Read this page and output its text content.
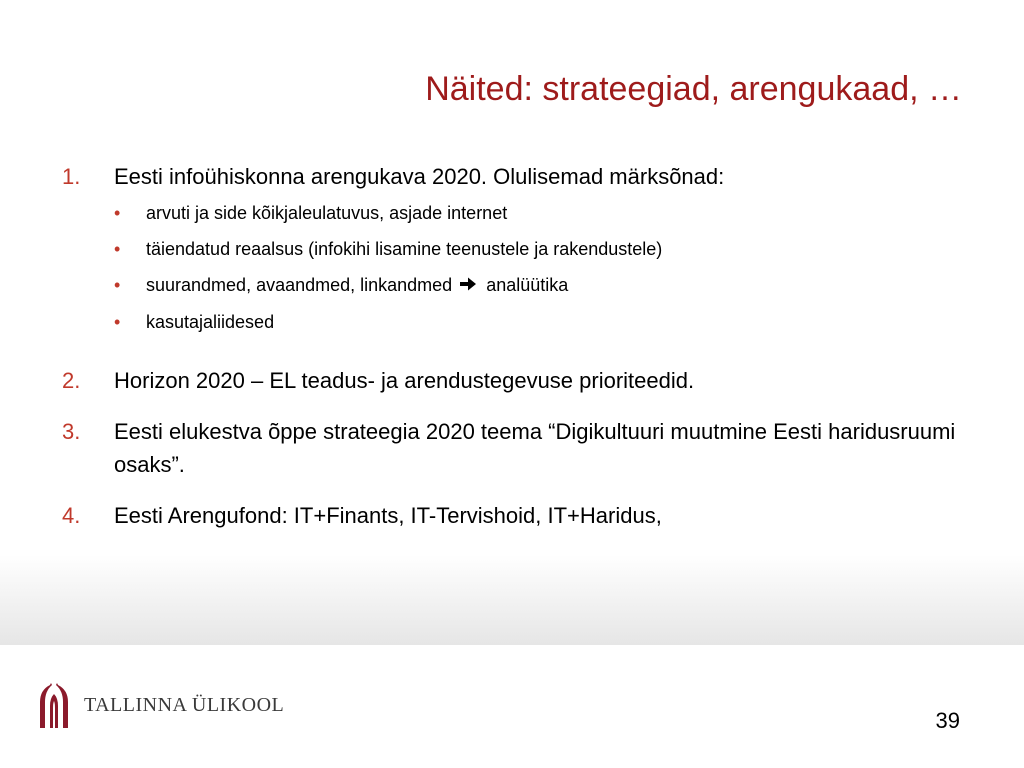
Näited: strateegiad, arengukaad, …
1. Eesti infoühiskonna arengukava 2020. Olulisemad märksõnad:
• arvuti ja side kõikjaleulatuvus, asjade internet
• täiendatud reaalsus (infokihi lisamine teenustele ja rakendustele)
• suurandmed, avaandmed, linkandmed analüütika
• kasutajaliidesed
2. Horizon 2020 – EL teadus- ja arendustegevuse prioriteedid.
3. Eesti elukestva õppe strateegia 2020 teema “Digikultuuri muutmine Eesti haridusruumi osaks”.
4. Eesti Arengufond: IT+Finants, IT-Tervishoid, IT+Haridus,
TALLINNA ÜLIKOOL
39
